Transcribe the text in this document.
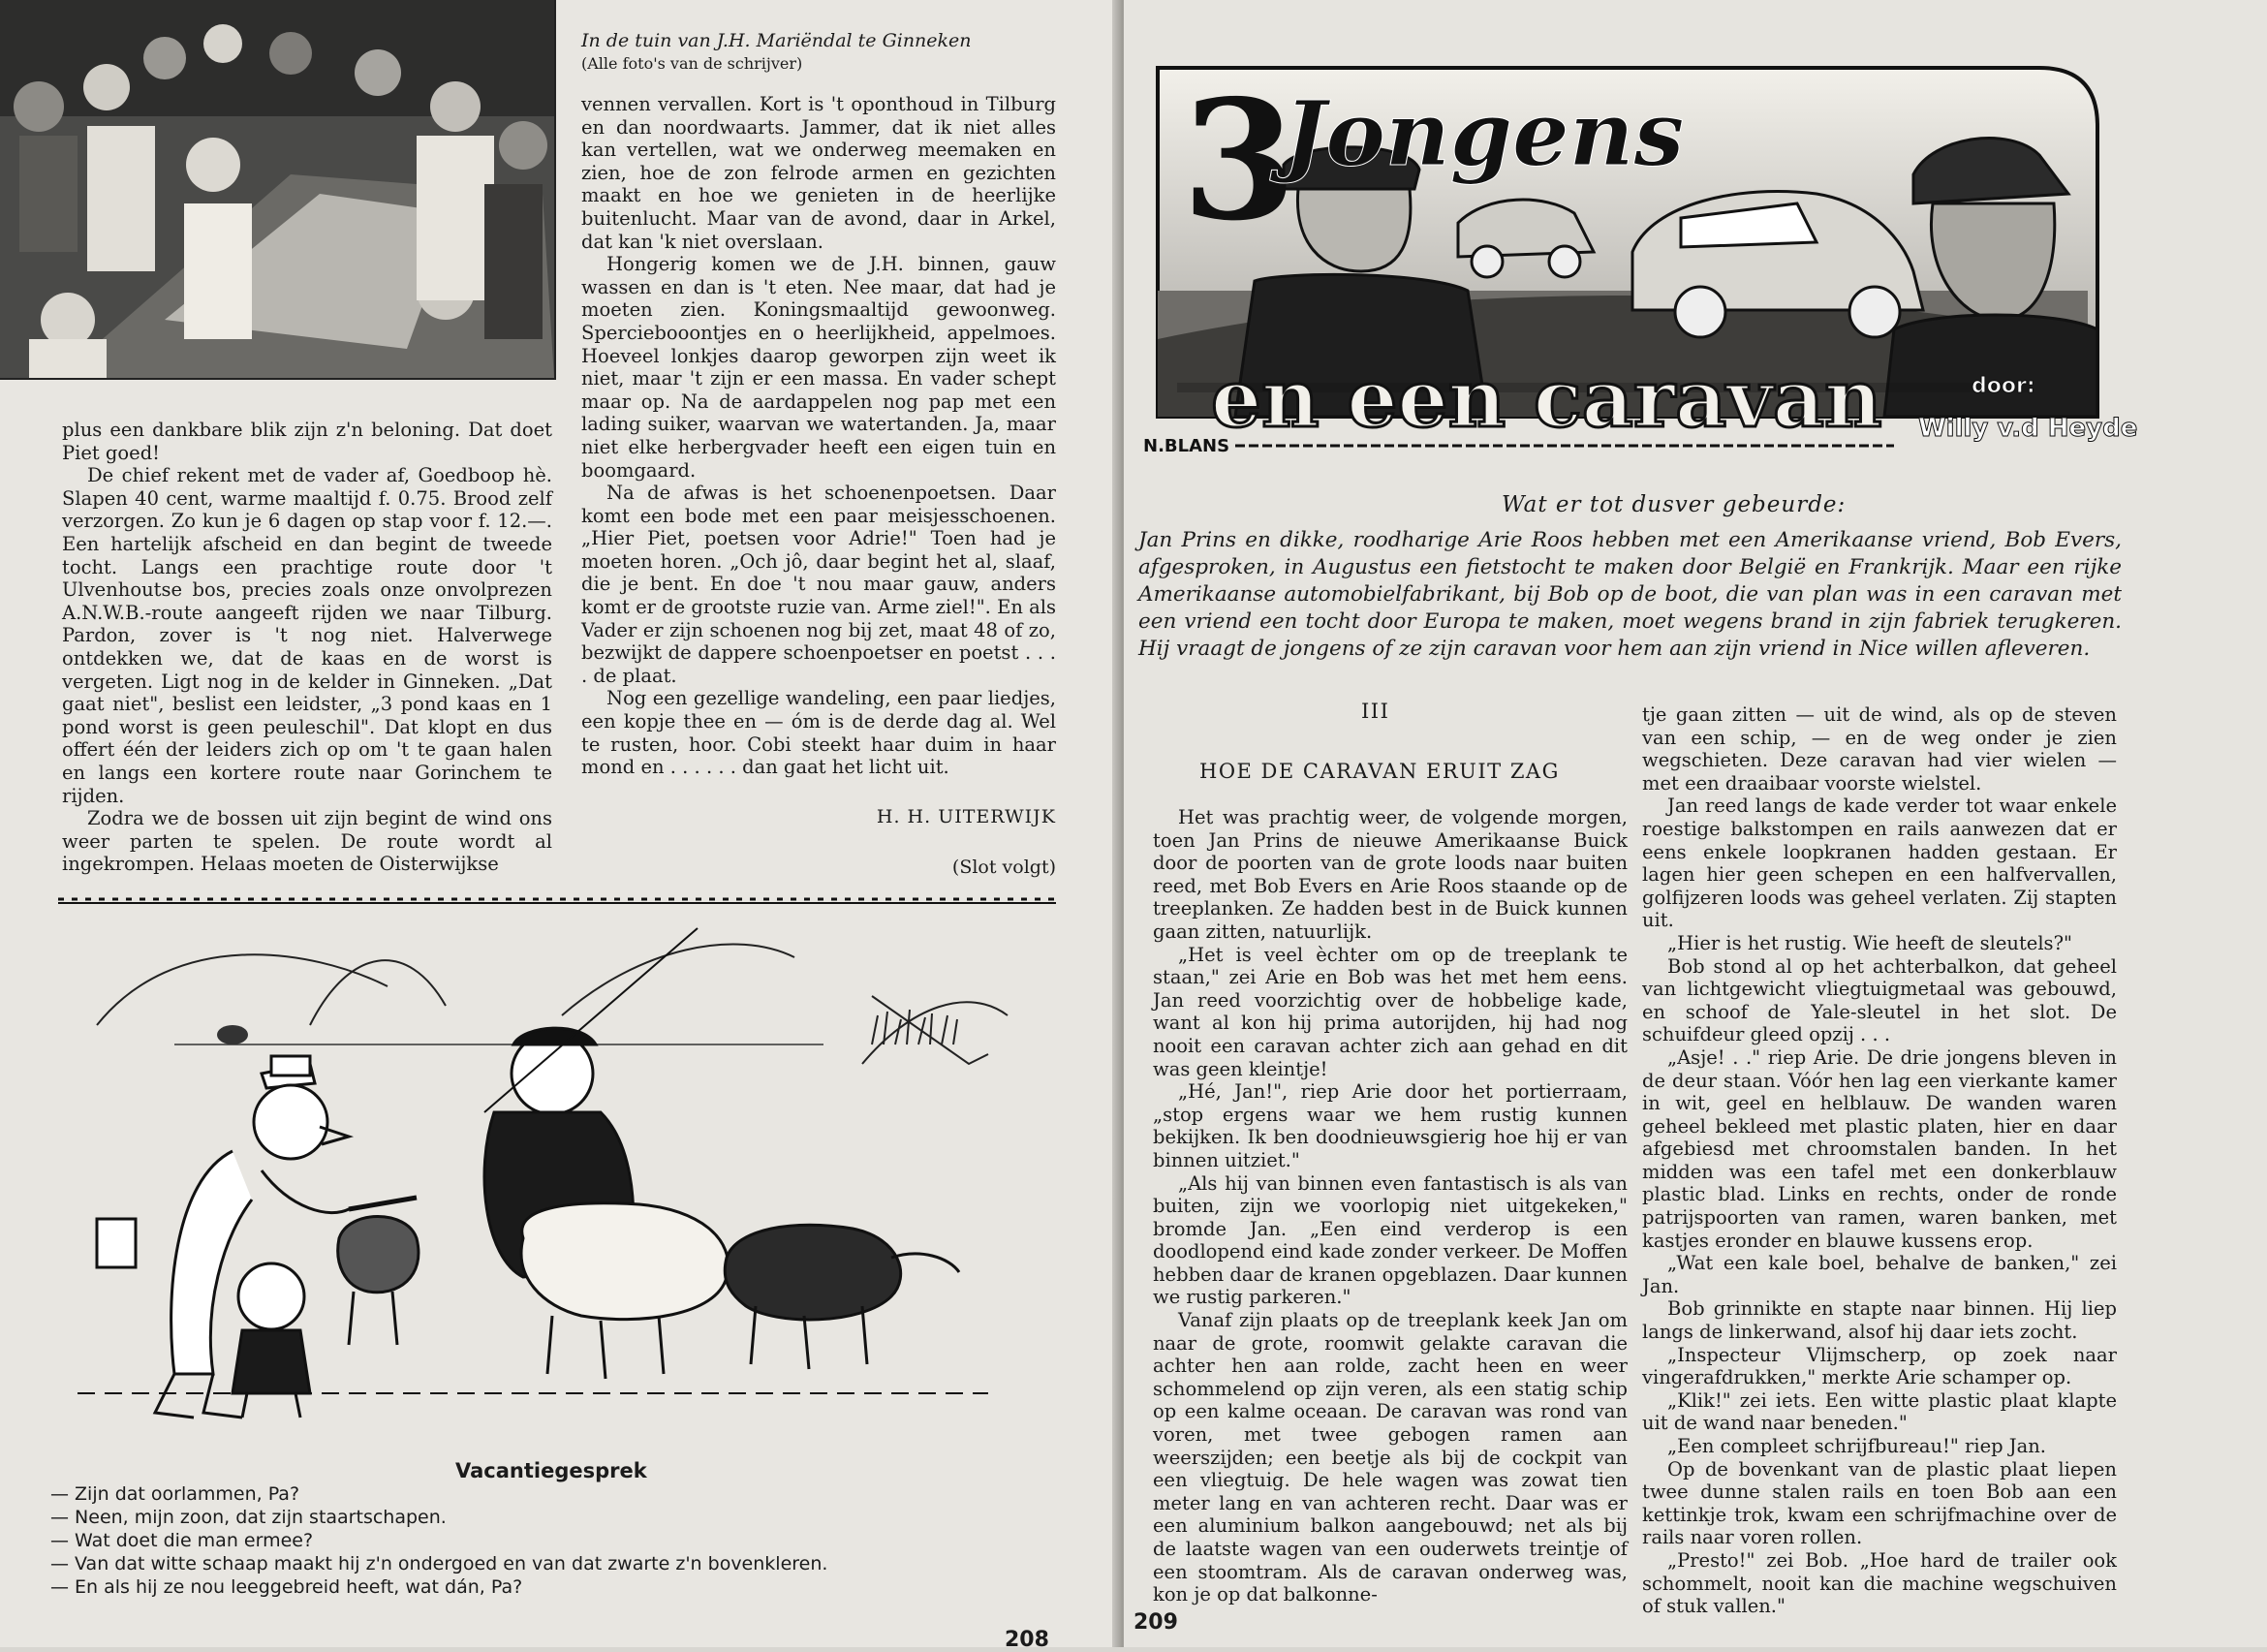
In de tuin van J.H. Mariëndal te Ginneken
(Alle foto's van de schrijver)

plus een dankbare blik zijn z'n beloning. Dat doet Piet goed!

De chief rekent met de vader af, Goedboop hè. Slapen 40 cent, warme maaltijd f. 0.75. Brood zelf verzorgen. Zo kun je 6 dagen op stap voor f. 12.—. Een hartelijk afscheid en dan begint de tweede tocht. Langs een prachtige route door 't Ulvenhoutse bos, precies zoals onze onvolprezen A.N.W.B.-route aangeeft rijden we naar Tilburg. Pardon, zover is 't nog niet. Halverwege ontdekken we, dat de kaas en de worst is vergeten. Ligt nog in de kelder in Ginneken. „Dat gaat niet", beslist een leidster, „3 pond kaas en 1 pond worst is geen peuleschil". Dat klopt en dus offert één der leiders zich op om 't te gaan halen en langs een kortere route naar Gorinchem te rijden.

Zodra we de bossen uit zijn begint de wind ons weer parten te spelen. De route wordt al ingekrompen. Helaas moeten de Oisterwijkse

vennen vervallen. Kort is 't oponthoud in Tilburg en dan noordwaarts. Jammer, dat ik niet alles kan vertellen, wat we onderweg meemaken en zien, hoe de zon felrode armen en gezichten maakt en hoe we genieten in de heerlijke buitenlucht. Maar van de avond, daar in Arkel, dat kan 'k niet overslaan.

Hongerig komen we de J.H. binnen, gauw wassen en dan is 't eten. Nee maar, dat had je moeten zien. Koningsmaaltijd gewoonweg. Sperciebooontjes en o heerlijkheid, appelmoes. Hoeveel lonkjes daarop geworpen zijn weet ik niet, maar 't zijn er een massa. En vader schept maar op. Na de aardappelen nog pap met een lading suiker, waarvan we watertanden. Ja, maar niet elke herbergvader heeft een eigen tuin en boomgaard.

Na de afwas is het schoenenpoetsen. Daar komt een bode met een paar meisjesschoenen. „Hier Piet, poetsen voor Adrie!" Toen had je moeten horen. „Och jô, daar begint het al, slaaf, die je bent. En doe 't nou maar gauw, anders komt er de grootste ruzie van. Arme ziel!". En als Vader er zijn schoenen nog bij zet, maat 48 of zo, bezwijkt de dappere schoenpoetser en poetst . . . . de plaat.

Nog een gezellige wandeling, een paar liedjes, een kopje thee en — óm is de derde dag al. Wel te rusten, hoor. Cobi steekt haar duim in haar mond en . . . . . . dan gaat het licht uit.

H. H. UITERWIJK
(Slot volgt)
Vacantiegesprek
— Zijn dat oorlammen, Pa?
— Neen, mijn zoon, dat zijn staartschapen.
— Wat doet die man ermee?
— Van dat witte schaap maakt hij z'n ondergoed en van dat zwarte z'n bovenkleren.
— En als hij ze nou leeggebreid heeft, wat dán, Pa?
208
3
Jongens
en een caravan	door:
Willy v.d Heyde
N.BLANS
Wat er tot dusver gebeurde:
Jan Prins en dikke, roodharige Arie Roos hebben met een Amerikaanse vriend, Bob Evers, afgesproken, in Augustus een fietstocht te maken door België en Frankrijk. Maar een rijke Amerikaanse automobielfabrikant, bij Bob op de boot, die van plan was in een caravan met een vriend een tocht door Europa te maken, moet wegens brand in zijn fabriek terugkeren. Hij vraagt de jongens of ze zijn caravan voor hem aan zijn vriend in Nice willen afleveren.
III
HOE DE CARAVAN ERUIT ZAG

Het was prachtig weer, de volgende morgen, toen Jan Prins de nieuwe Amerikaanse Buick door de poorten van de grote loods naar buiten reed, met Bob Evers en Arie Roos staande op de treeplanken. Ze hadden best in de Buick kunnen gaan zitten, natuurlijk.

„Het is veel èchter om op de treeplank te staan," zei Arie en Bob was het met hem eens. Jan reed voorzichtig over de hobbelige kade, want al kon hij prima autorijden, hij had nog nooit een caravan achter zich aan gehad en dit was geen kleintje!

„Hé, Jan!", riep Arie door het portierraam, „stop ergens waar we hem rustig kunnen bekijken. Ik ben doodnieuwsgierig hoe hij er van binnen uitziet."

„Als hij van binnen even fantastisch is als van buiten, zijn we voorlopig niet uitgekeken," bromde Jan. „Een eind verderop is een doodlopend eind kade zonder verkeer. De Moffen hebben daar de kranen opgeblazen. Daar kunnen we rustig parkeren."

Vanaf zijn plaats op de treeplank keek Jan om naar de grote, roomwit gelakte caravan die achter hen aan rolde, zacht heen en weer schommelend op zijn veren, als een statig schip op een kalme oceaan. De caravan was rond van voren, met twee gebogen ramen aan weerszijden; een beetje als bij de cockpit van een vliegtuig. De hele wagen was zowat tien meter lang en van achteren recht. Daar was er een aluminium balkon aangebouwd; net als bij de laatste wagen van een ouderwets treintje of een stoomtram. Als de caravan onderweg was, kon je op dat balkonne-

tje gaan zitten — uit de wind, als op de steven van een schip, — en de weg onder je zien wegschieten. Deze caravan had vier wielen — met een draaibaar voorste wielstel.

Jan reed langs de kade verder tot waar enkele roestige balkstompen en rails aanwezen dat er eens enkele loopkranen hadden gestaan. Er lagen hier geen schepen en een halfvervallen, golfijzeren loods was geheel verlaten. Zij stapten uit.

„Hier is het rustig. Wie heeft de sleutels?"

Bob stond al op het achterbalkon, dat geheel van lichtgewicht vliegtuigmetaal was gebouwd, en schoof de Yale-sleutel in het slot. De schuifdeur gleed opzij . . .

„Asje! . ." riep Arie. De drie jongens bleven in de deur staan. Vóór hen lag een vierkante kamer in wit, geel en helblauw. De wanden waren geheel bekleed met plastic platen, hier en daar afgebiesd met chroomstalen banden. In het midden was een tafel met een donkerblauw plastic blad. Links en rechts, onder de ronde patrijspoorten van ramen, waren banken, met kastjes eronder en blauwe kussens erop.

„Wat een kale boel, behalve de banken," zei Jan.

Bob grinnikte en stapte naar binnen. Hij liep langs de linkerwand, alsof hij daar iets zocht.

„Inspecteur Vlijmscherp, op zoek naar vingerafdrukken," merkte Arie schamper op.

„Klik!" zei iets. Een witte plastic plaat klapte uit de wand naar beneden."

„Een compleet schrijfbureau!" riep Jan.

Op de bovenkant van de plastic plaat liepen twee dunne stalen rails en toen Bob aan een kettinkje trok, kwam een schrijfmachine over de rails naar voren rollen.

„Presto!" zei Bob. „Hoe hard de trailer ook schommelt, nooit kan die machine wegschuiven of stuk vallen."

209
